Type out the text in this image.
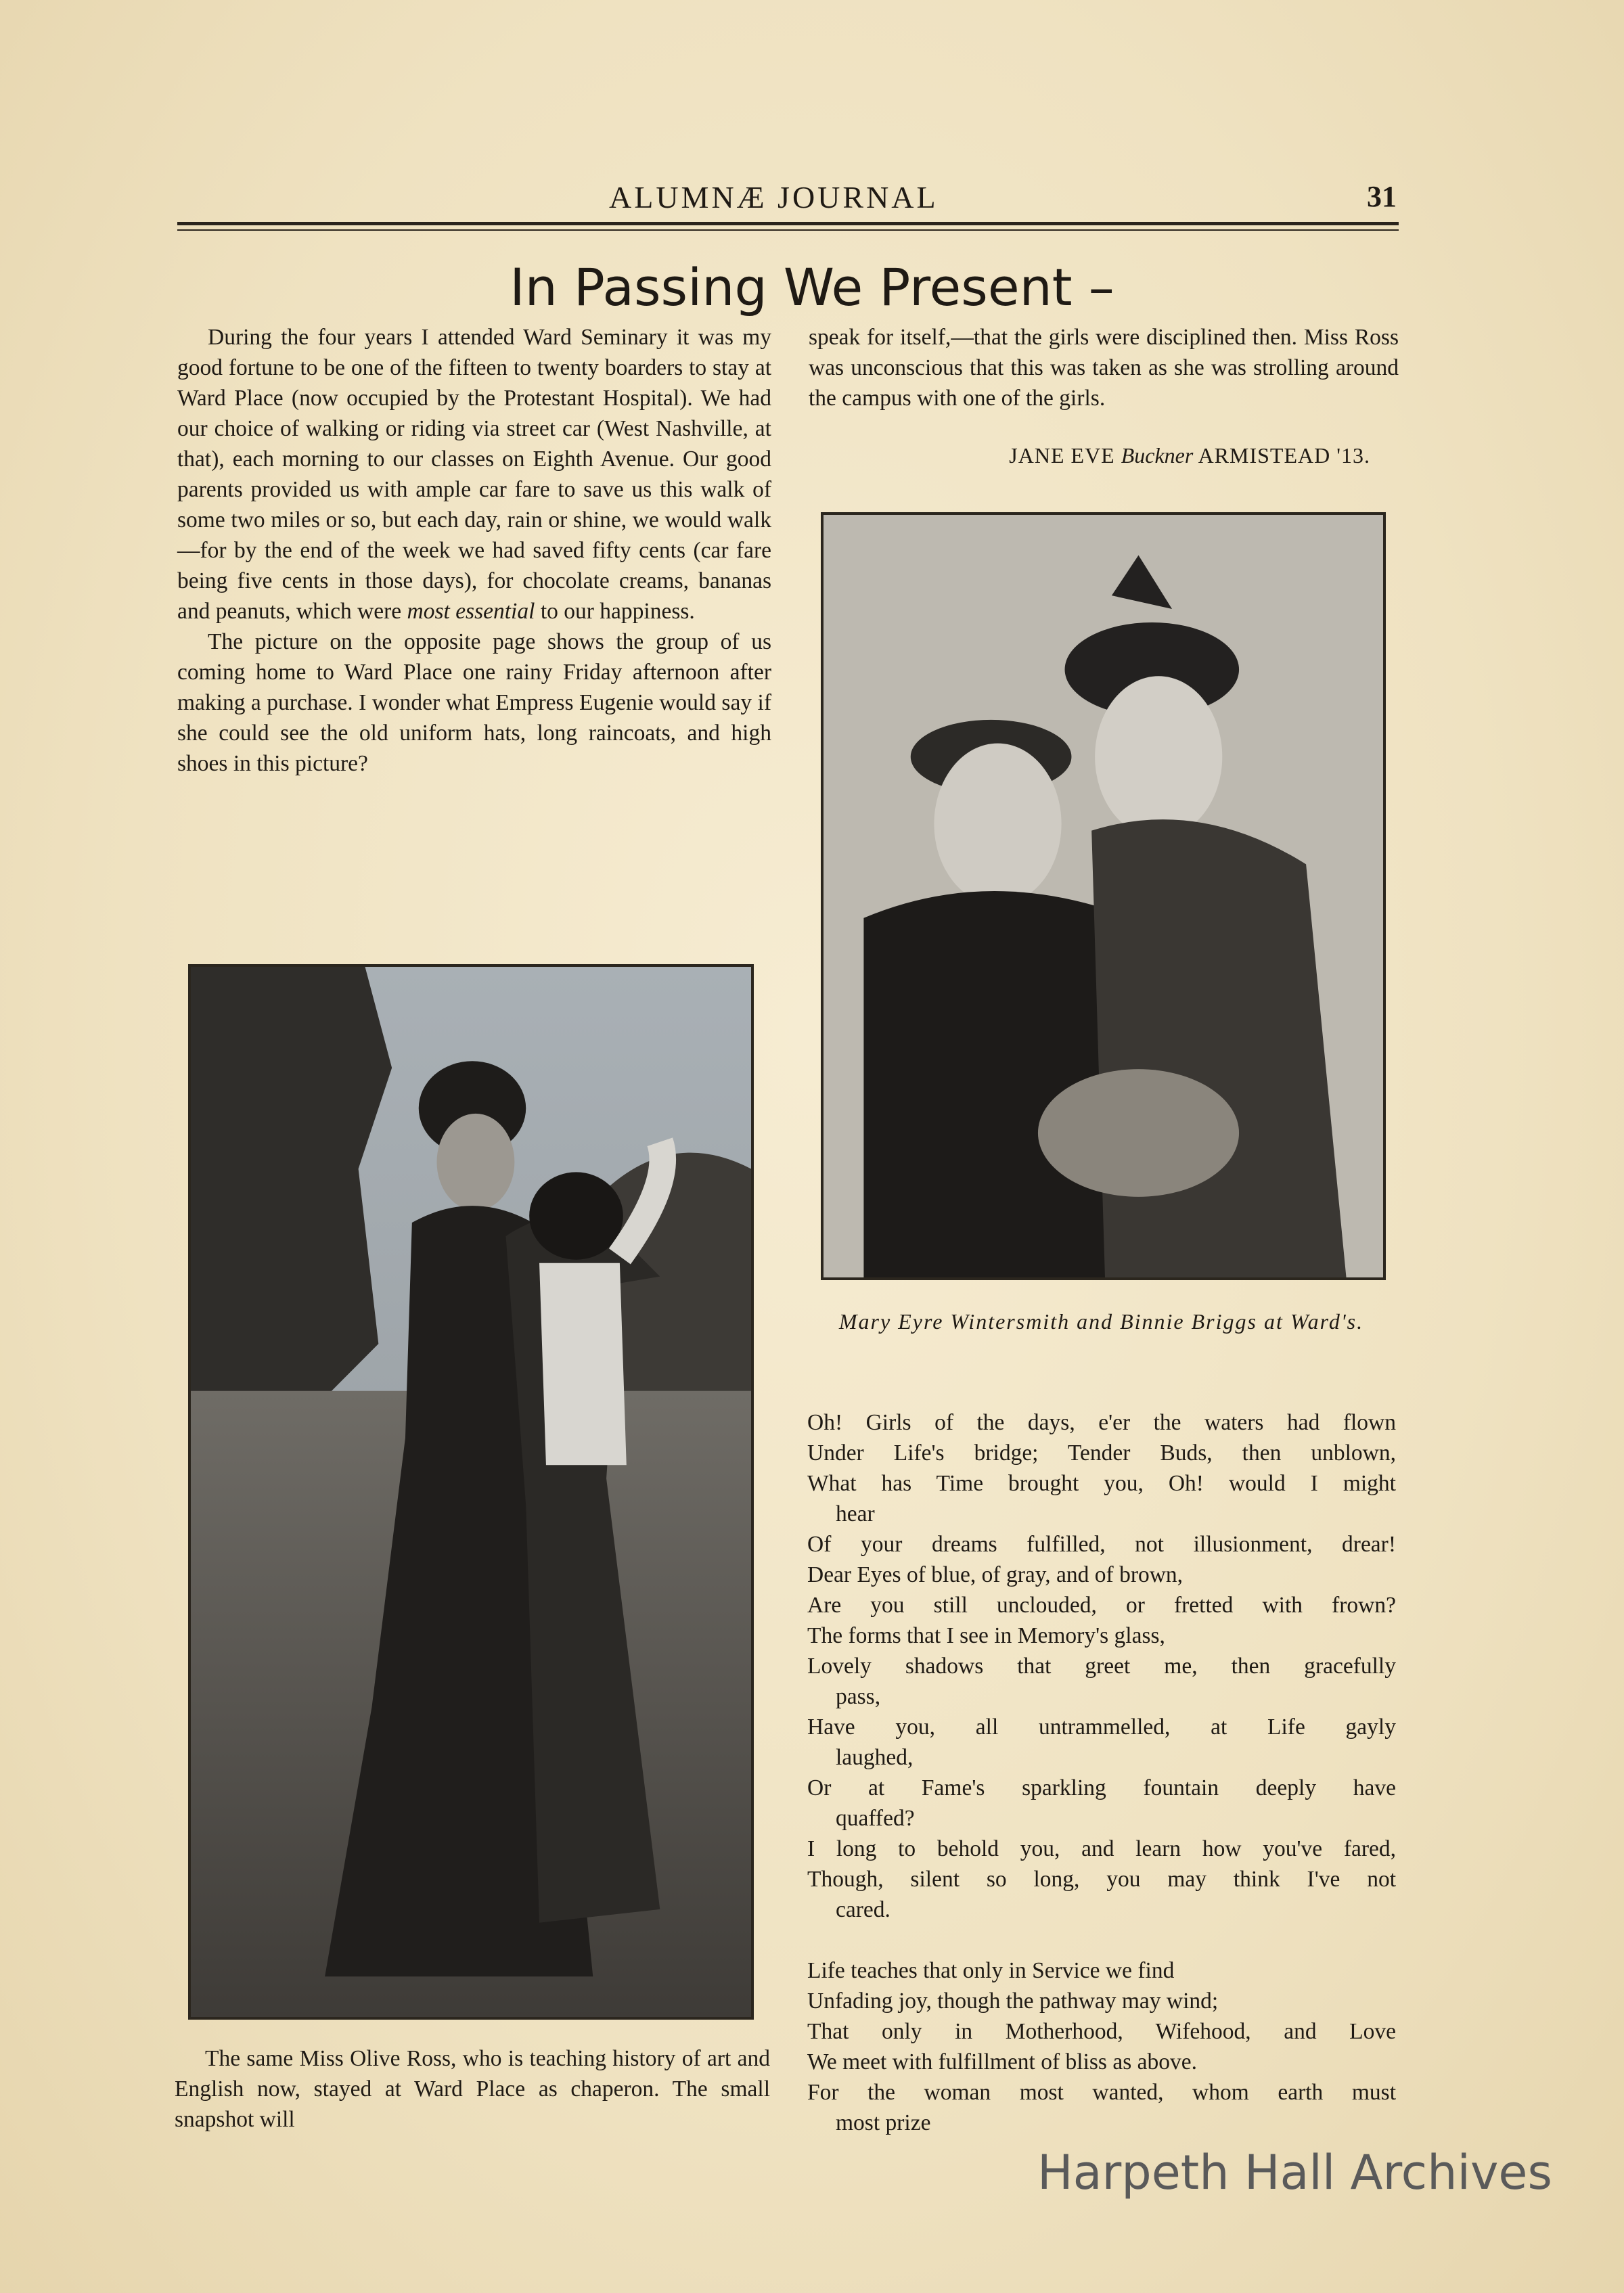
ALUMNÆ JOURNAL	31
In Passing We Present –

During the four years I attended Ward Seminary it was my good fortune to be one of the fifteen to twenty boarders to stay at Ward Place (now occupied by the Protestant Hospital). We had our choice of walking or riding via street car (West Nashville, at that), each morning to our classes on Eighth Avenue. Our good parents provided us with ample car fare to save us this walk of some two miles or so, but each day, rain or shine, we would walk—for by the end of the week we had saved fifty cents (car fare being five cents in those days), for chocolate creams, bananas and peanuts, which were most essential to our happiness.

The picture on the opposite page shows the group of us coming home to Ward Place one rainy Friday afternoon after making a purchase. I wonder what Empress Eugenie would say if she could see the old uniform hats, long raincoats, and high shoes in this picture?

speak for itself,—that the girls were disciplined then. Miss Ross was unconscious that this was taken as she was strolling around the campus with one of the girls.

JANE EVE Buckner ARMISTEAD '13.
Mary Eyre Wintersmith and Binnie Briggs at Ward's.
Oh! Girls of the days, e'er the waters had flown
Under Life's bridge; Tender Buds, then unblown,
What has Time brought you, Oh! would I might
hear
Of your dreams fulfilled, not illusionment, drear!
Dear Eyes of blue, of gray, and of brown,
Are you still unclouded, or fretted with frown?
The forms that I see in Memory's glass,
Lovely shadows that greet me, then gracefully
pass,
Have you, all untrammelled, at Life gayly
laughed,
Or at Fame's sparkling fountain deeply have
quaffed?
I long to behold you, and learn how you've fared,
Though, silent so long, you may think I've not
cared.
Life teaches that only in Service we find
Unfading joy, though the pathway may wind;
That only in Motherhood, Wifehood, and Love
We meet with fulfillment of bliss as above.
For the woman most wanted, whom earth must
most prize

The same Miss Olive Ross, who is teaching history of art and English now, stayed at Ward Place as chaperon. The small snapshot will

Harpeth Hall Archives
